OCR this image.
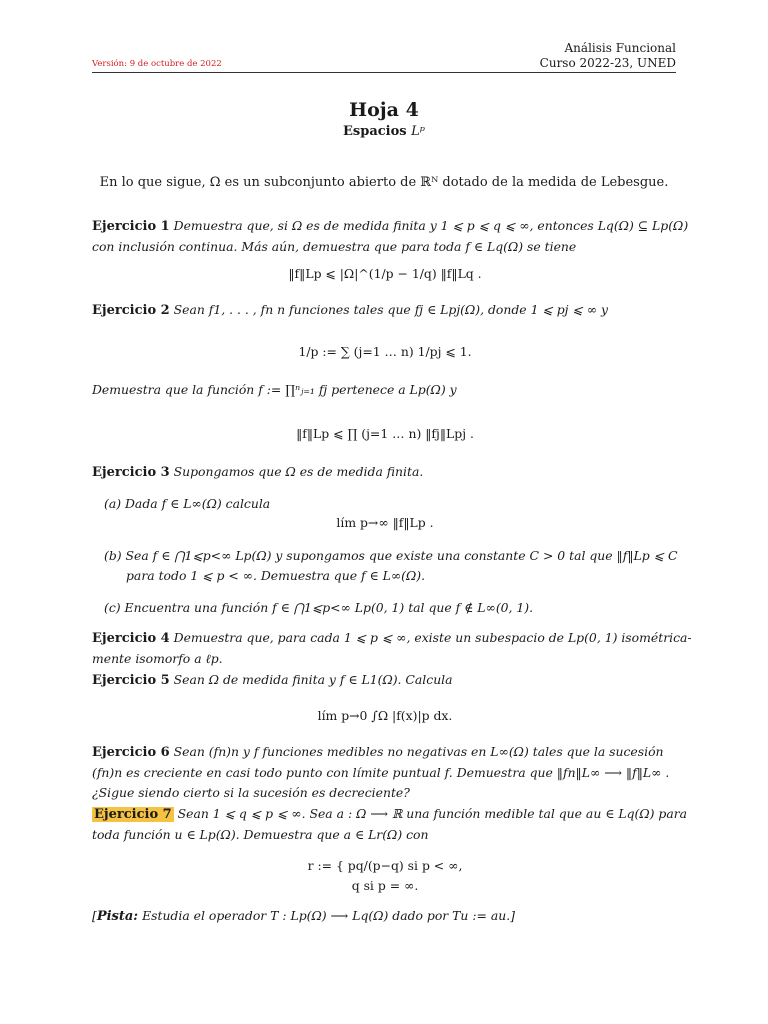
Análisis Funcional
Curso 2022-23, UNED
Versión: 9 de octubre de 2022
Hoja 4
Espacios Lᵖ
En lo que sigue, Ω es un subconjunto abierto de ℝᴺ dotado de la medida de Lebesgue.
Ejercicio 1 Demuestra que, si Ω es de medida finita y 1 ⩽ p ⩽ q ⩽ ∞, entonces Lq(Ω) ⊆ Lp(Ω)
con inclusión continua. Más aún, demuestra que para toda f ∈ Lq(Ω) se tiene
‖f‖Lp ⩽ |Ω|^(1/p − 1/q) ‖f‖Lq .
Ejercicio 2 Sean f1, . . . , fn n funciones tales que fj ∈ Lpj(Ω), donde 1 ⩽ pj ⩽ ∞ y
1/p := ∑ (j=1 … n) 1/pj ⩽ 1.
Demuestra que la función f := ∏ⁿⱼ₌₁ fj pertenece a Lp(Ω) y
‖f‖Lp ⩽ ∏ (j=1 … n) ‖fj‖Lpj .
Ejercicio 3 Supongamos que Ω es de medida finita.
(a) Dada f ∈ L∞(Ω) calcula
lím p→∞ ‖f‖Lp .
(b) Sea f ∈ ⋂1⩽p<∞ Lp(Ω) y supongamos que existe una constante C > 0 tal que ‖f‖Lp ⩽ C
para todo 1 ⩽ p < ∞. Demuestra que f ∈ L∞(Ω).
(c) Encuentra una función f ∈ ⋂1⩽p<∞ Lp(0, 1) tal que f ∉ L∞(0, 1).
Ejercicio 4 Demuestra que, para cada 1 ⩽ p ⩽ ∞, existe un subespacio de Lp(0, 1) isométrica-
mente isomorfo a ℓp.
Ejercicio 5 Sean Ω de medida finita y f ∈ L1(Ω). Calcula
lím p→0 ∫Ω |f(x)|p dx.
Ejercicio 6 Sean (fn)n y f funciones medibles no negativas en L∞(Ω) tales que la sucesión
(fn)n es creciente en casi todo punto con límite puntual f. Demuestra que ‖fn‖L∞ ⟶ ‖f‖L∞ .
¿Sigue siendo cierto si la sucesión es decreciente?
Ejercicio 7 Sean 1 ⩽ q ⩽ p ⩽ ∞. Sea a : Ω ⟶ ℝ una función medible tal que au ∈ Lq(Ω) para
toda función u ∈ Lp(Ω). Demuestra que a ∈ Lr(Ω) con
r := { pq/(p−q) si p < ∞,
q si p = ∞.
[Pista: Estudia el operador T : Lp(Ω) ⟶ Lq(Ω) dado por Tu := au.]
